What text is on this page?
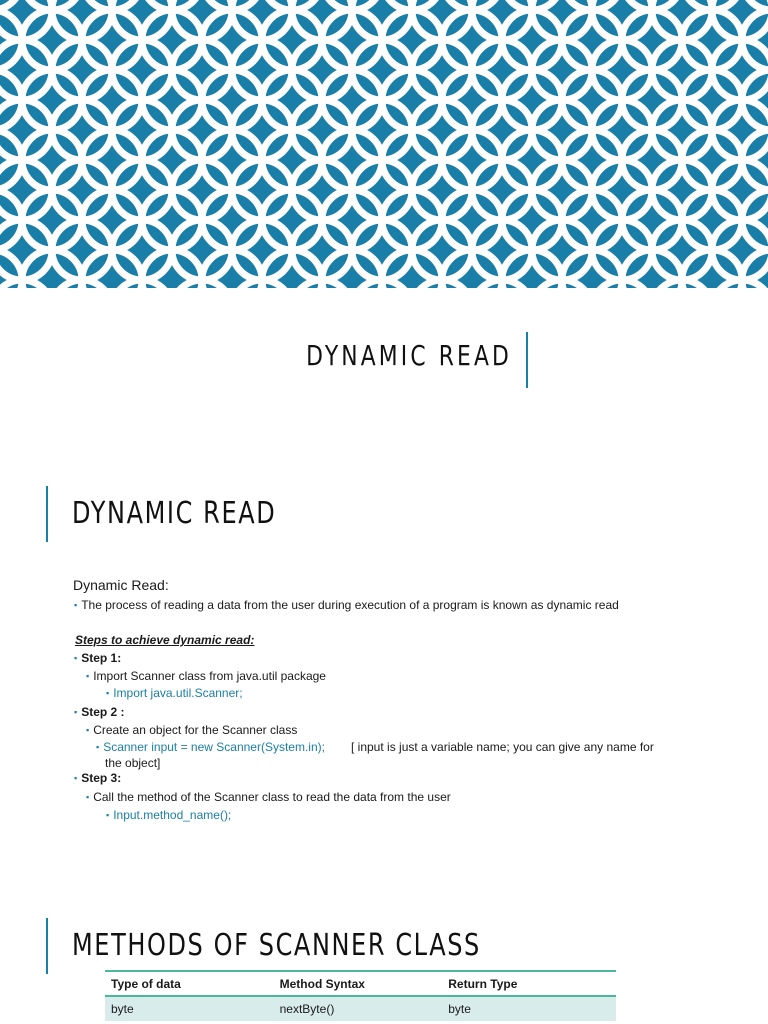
DYNAMIC READ
DYNAMIC READ
Dynamic Read:
▪ The process of reading a data from the user during execution of a program is known as dynamic read
Steps to achieve dynamic read:
▪ Step 1:
▪ Import Scanner class from java.util package
▪ Import java.util.Scanner;
▪ Step 2 :
▪ Create an object for the Scanner class
▪ Scanner input = new Scanner(System.in);	[ input is just a variable name; you can give any name for the object]
▪ Step 3:
▪ Call the method of the Scanner class to read the data from the user
▪ Input.method_name();
METHODS OF SCANNER CLASS
Type of data	Method Syntax	Return Type
byte	nextByte()	byte
